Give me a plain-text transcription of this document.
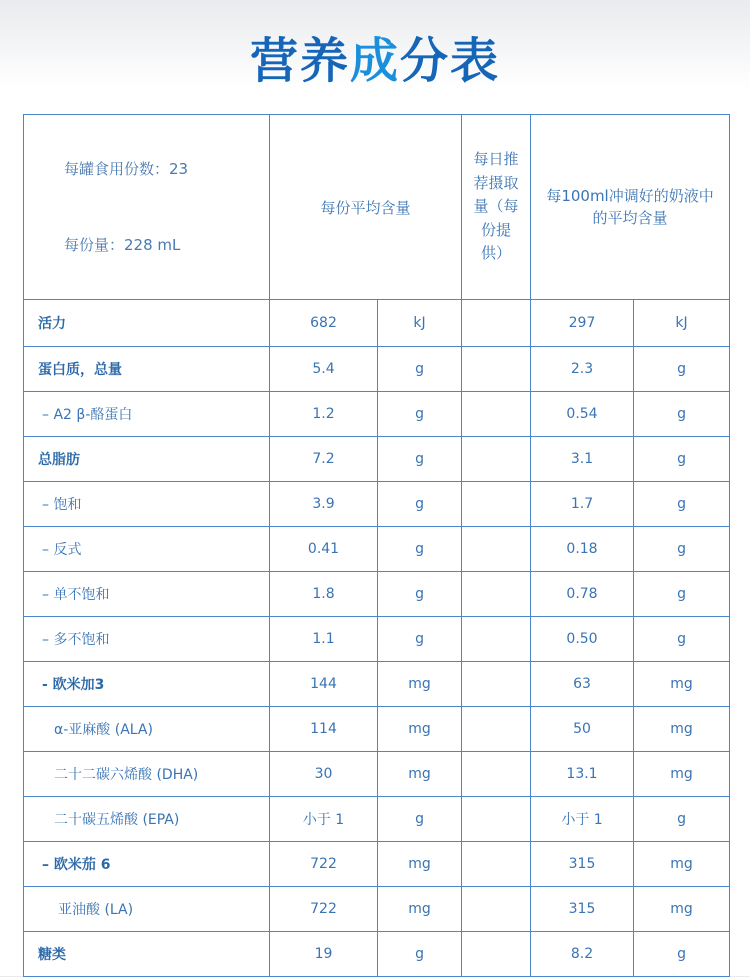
营养成分表
每罐食用份数：23
每份量：228 mL	每份平均含量		每日推荐摄取量（每份提供）	每100ml冲调好的奶液中的平均含量	
活力	682	kJ		297	kJ
蛋白质，总量	5.4	g		2.3	g
– A2 β-酪蛋白	1.2	g		0.54	g
总脂肪	7.2	g		3.1	g
– 饱和	3.9	g		1.7	g
– 反式	0.41	g		0.18	g
– 单不饱和	1.8	g		0.78	g
– 多不饱和	1.1	g		0.50	g
- 欧米加3	144	mg		63	mg
α-亚麻酸 (ALA)	114	mg		50	mg
二十二碳六烯酸 (DHA)	30	mg		13.1	mg
二十碳五烯酸 (EPA)	小于 1	g		小于 1	g
– 欧米茄 6	722	mg		315	mg
亚油酸 (LA)	722	mg		315	mg
糖类	19	g		8.2	g
